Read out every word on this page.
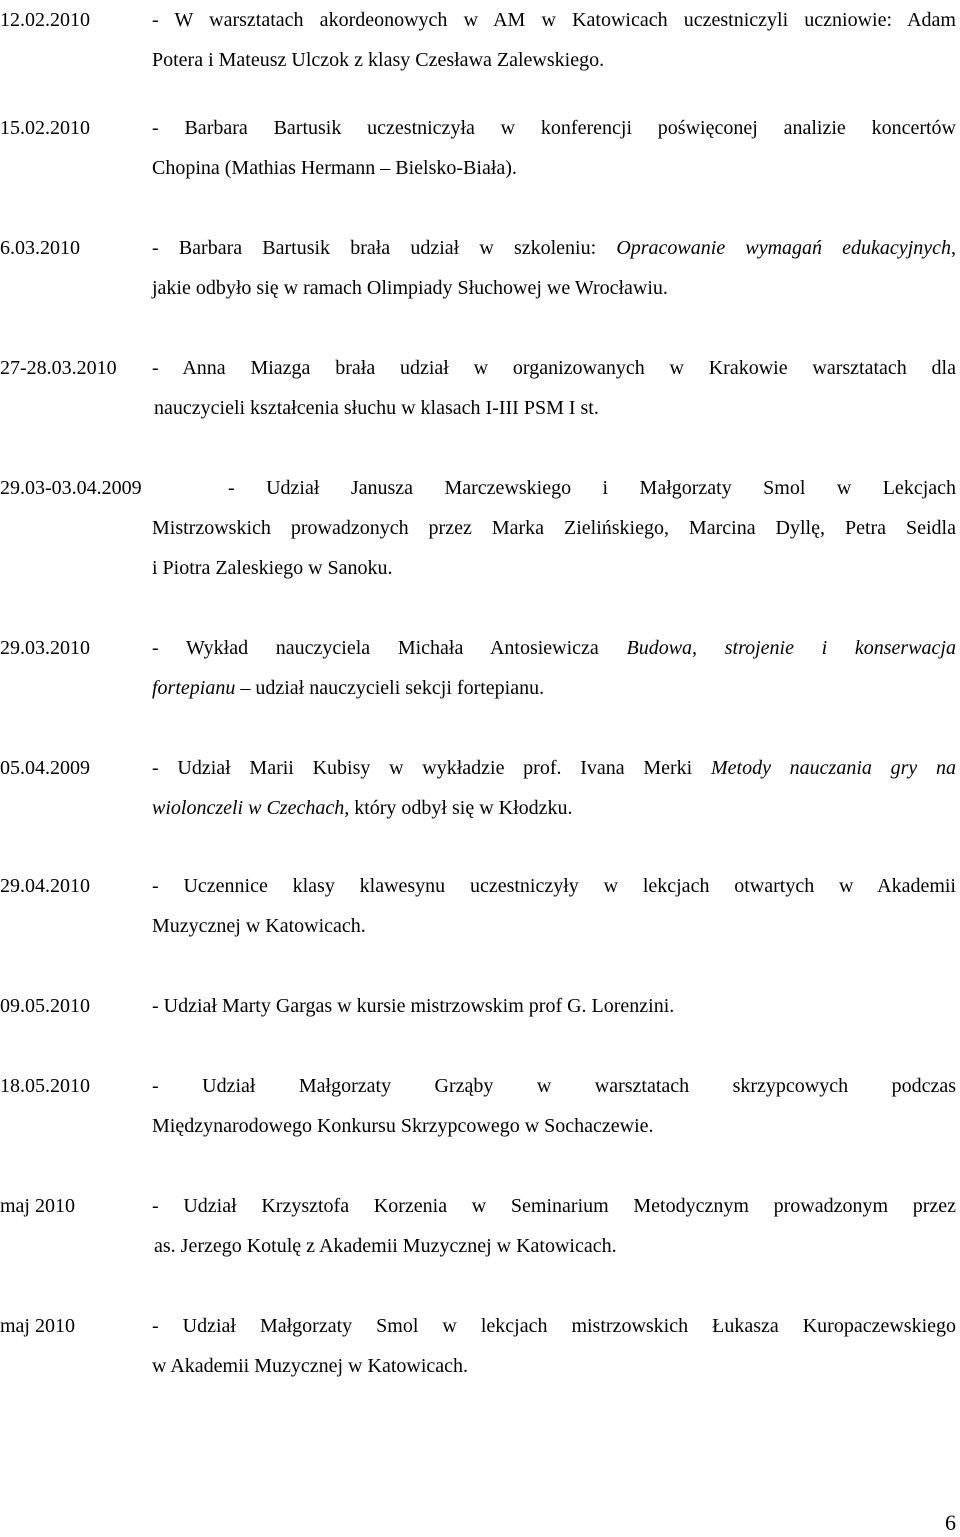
12.02.2010	- W warsztatach akordeonowych w AM w Katowicach uczestniczyli uczniowie: Adam
Potera i Mateusz Ulczok z klasy Czesława Zalewskiego.
15.02.2010	- Barbara Bartusik uczestniczyła w konferencji poświęconej analizie koncertów
Chopina (Mathias Hermann – Bielsko-Biała).
6.03.2010	- Barbara Bartusik brała udział w szkoleniu: Opracowanie wymagań edukacyjnych,
jakie odbyło się w ramach Olimpiady Słuchowej we Wrocławiu.
27-28.03.2010 - Anna Miazga brała udział w organizowanych w Krakowie warsztatach dla
nauczycieli kształcenia słuchu w klasach I-III PSM I st.
29.03-03.04.2009	- Udział Janusza Marczewskiego i Małgorzaty Smol w Lekcjach
Mistrzowskich prowadzonych przez Marka Zielińskiego, Marcina Dyllę, Petra Seidla
i Piotra Zaleskiego w Sanoku.
29.03.2010	- Wykład nauczyciela Michała Antosiewicza Budowa, strojenie i konserwacja
fortepianu – udział nauczycieli sekcji fortepianu.
05.04.2009	- Udział Marii Kubisy w wykładzie prof. Ivana Merki Metody nauczania gry na
wiolonczeli w Czechach, który odbył się w Kłodzku.
29.04.2010	- Uczennice klasy klawesynu uczestniczyły w lekcjach otwartych w Akademii
Muzycznej w Katowicach.
09.05.2010	- Udział Marty Gargas w kursie mistrzowskim prof G. Lorenzini.
18.05.2010	- Udział Małgorzaty Grząby w warsztatach skrzypcowych podczas
Międzynarodowego Konkursu Skrzypcowego w Sochaczewie.
maj 2010	- Udział Krzysztofa Korzenia w Seminarium Metodycznym prowadzonym przez
as. Jerzego Kotulę z Akademii Muzycznej w Katowicach.
maj 2010	- Udział Małgorzaty Smol w lekcjach mistrzowskich Łukasza Kuropaczewskiego
w Akademii Muzycznej w Katowicach.
6
